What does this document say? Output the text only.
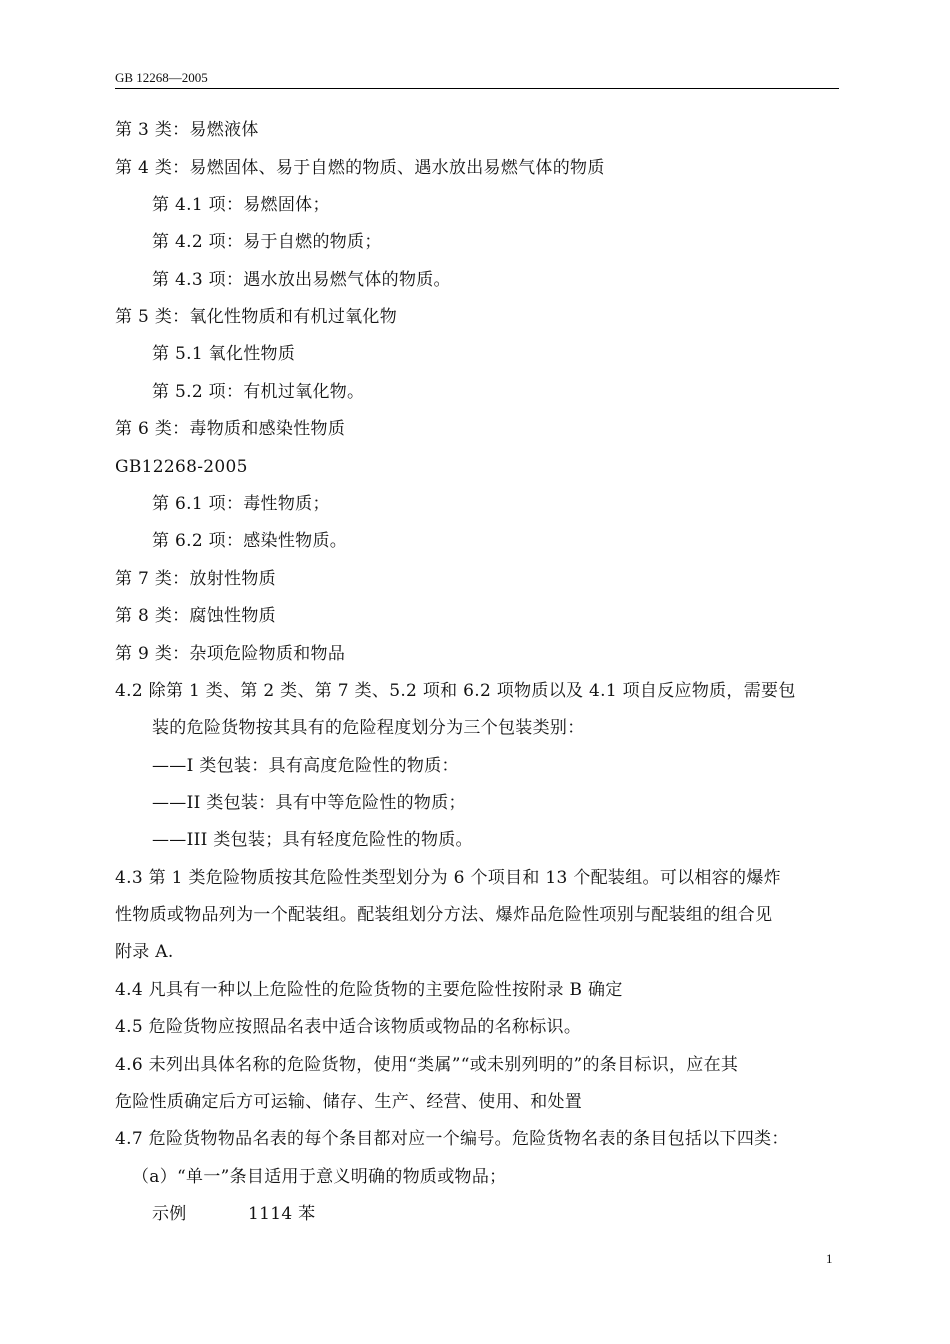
GB 12268—2005
第 3 类：易燃液体
第 4 类：易燃固体、易于自燃的物质、遇水放出易燃气体的物质
第 4.1 项：易燃固体；
第 4.2 项：易于自燃的物质；
第 4.3 项：遇水放出易燃气体的物质。
第 5 类：氧化性物质和有机过氧化物
第 5.1 氧化性物质
第 5.2 项：有机过氧化物。
第 6 类：毒物质和感染性物质
GB12268-2005
第 6.1 项：毒性物质；
第 6.2 项：感染性物质。
第 7 类：放射性物质
第 8 类：腐蚀性物质
第 9 类：杂项危险物质和物品
4.2 除第 1 类、第 2 类、第 7 类、5.2 项和 6.2 项物质以及 4.1 项自反应物质，需要包
装的危险货物按其具有的危险程度划分为三个包装类别：
——I 类包装：具有高度危险性的物质：
——II 类包装：具有中等危险性的物质；
——III 类包装；具有轻度危险性的物质。
4.3 第 1 类危险物质按其危险性类型划分为 6 个项目和 13 个配装组。可以相容的爆炸
性物质或物品列为一个配装组。配装组划分方法、爆炸品危险性项别与配装组的组合见
附录 A.
4.4 凡具有一种以上危险性的危险货物的主要危险性按附录 B 确定
4.5 危险货物应按照品名表中适合该物质或物品的名称标识。
4.6 未列出具体名称的危险货物，使用“类属”“或未别列明的”的条目标识，应在其
危险性质确定后方可运输、储存、生产、经营、使用、和处置
4.7 危险货物物品名表的每个条目都对应一个编号。危险货物名表的条目包括以下四类：
（a）“单一”条目适用于意义明确的物质或物品；
示例	1114 苯
1
